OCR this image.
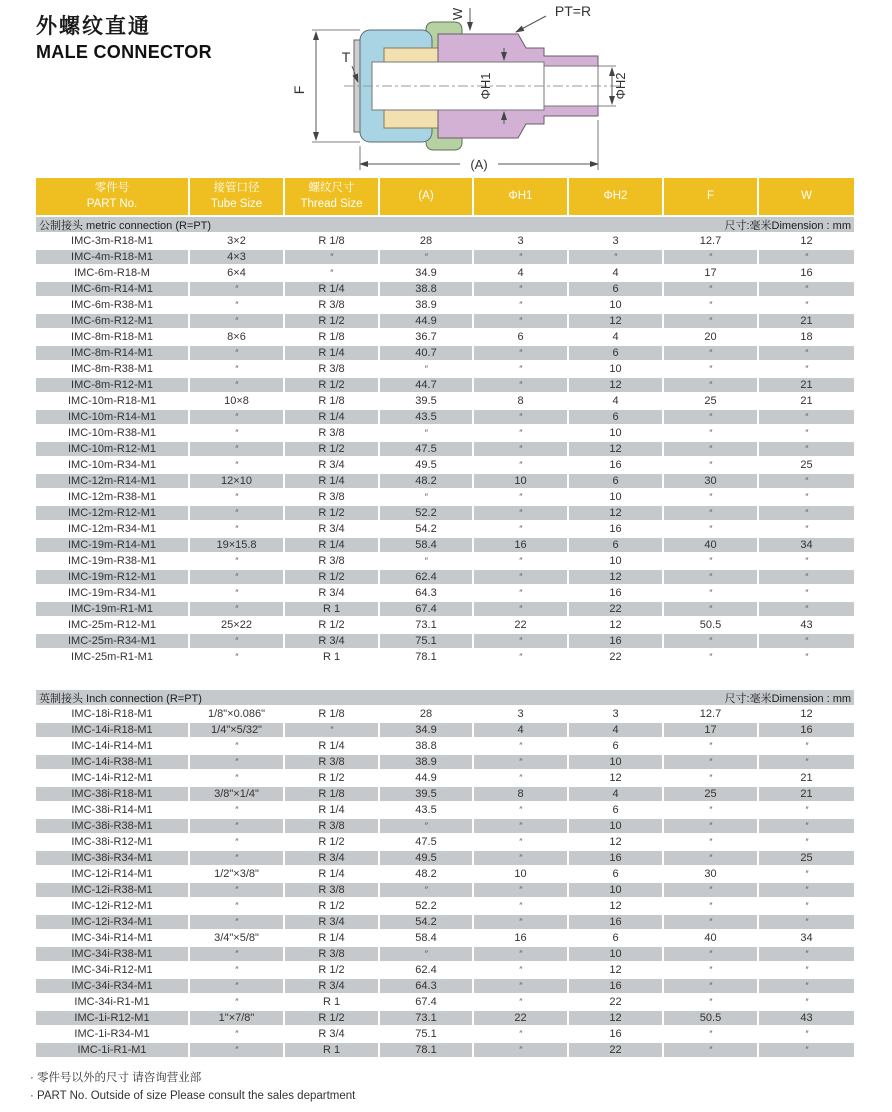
外螺纹直通
MALE CONNECTOR
F
(A)
W	PT=R
T
ΦH1	ΦH2
零件号
PART No.

接管口径
Tube Size

螺纹尺寸
Thread Size

(A)	ΦH1	ΦH2	F	W

公制接头 metric connection (R=PT) 尺寸:毫米Dimension : mm							

IMC-3m-R18-M1	3×2	R 1/8	28	3	3	12.7	12
IMC-4m-R18-M1	4×3	″	″	″	″	″	″
IMC-6m-R18-M	6×4	″	34.9	4	4	17	16
IMC-6m-R14-M1	″	R 1/4	38.8	″	6	″	″
IMC-6m-R38-M1	″	R 3/8	38.9	″	10	″	″
IMC-6m-R12-M1	″	R 1/2	44.9	″	12	″	21
IMC-8m-R18-M1	8×6	R 1/8	36.7	6	4	20	18
IMC-8m-R14-M1	″	R 1/4	40.7	″	6	″	″
IMC-8m-R38-M1	″	R 3/8	″	″	10	″	″
IMC-8m-R12-M1	″	R 1/2	44.7	″	12	″	21
IMC-10m-R18-M1	10×8	R 1/8	39.5	8	4	25	21
IMC-10m-R14-M1	″	R 1/4	43.5	″	6	″	″
IMC-10m-R38-M1	″	R 3/8	″	″	10	″	″
IMC-10m-R12-M1	″	R 1/2	47.5	″	12	″	″
IMC-10m-R34-M1	″	R 3/4	49.5	″	16	″	25
IMC-12m-R14-M1	12×10	R 1/4	48.2	10	6	30	″
IMC-12m-R38-M1	″	R 3/8	″	″	10	″	″
IMC-12m-R12-M1	″	R 1/2	52.2	″	12	″	″
IMC-12m-R34-M1	″	R 3/4	54.2	″	16	″	″
IMC-19m-R14-M1	19×15.8	R 1/4	58.4	16	6	40	34
IMC-19m-R38-M1	″	R 3/8	″	″	10	″	″
IMC-19m-R12-M1	″	R 1/2	62.4	″	12	″	″
IMC-19m-R34-M1	″	R 3/4	64.3	″	16	″	″
IMC-19m-R1-M1	″	R 1	67.4	″	22	″	″
IMC-25m-R12-M1	25×22	R 1/2	73.1	22	12	50.5	43
IMC-25m-R34-M1	″	R 3/4	75.1	″	16	″	″
IMC-25m-R1-M1	″	R 1	78.1	″	22	″	″
英制接头 Inch connection (R=PT) 尺寸:毫米Dimension : mm							

IMC-18i-R18-M1	1/8"×0.086"	R 1/8	28	3	3	12.7	12
IMC-14i-R18-M1	1/4"×5/32"	″	34.9	4	4	17	16
IMC-14i-R14-M1	″	R 1/4	38.8	″	6	″	″
IMC-14i-R38-M1	″	R 3/8	38.9	″	10	″	″
IMC-14i-R12-M1	″	R 1/2	44.9	″	12	″	21
IMC-38i-R18-M1	3/8"×1/4"	R 1/8	39.5	8	4	25	21
IMC-38i-R14-M1	″	R 1/4	43.5	″	6	″	″
IMC-38i-R38-M1	″	R 3/8	″	″	10	″	″
IMC-38i-R12-M1	″	R 1/2	47.5	″	12	″	″
IMC-38i-R34-M1	″	R 3/4	49.5	″	16	″	25
IMC-12i-R14-M1	1/2"×3/8"	R 1/4	48.2	10	6	30	″
IMC-12i-R38-M1	″	R 3/8	″	″	10	″	″
IMC-12i-R12-M1	″	R 1/2	52.2	″	12	″	″
IMC-12i-R34-M1	″	R 3/4	54.2	″	16	″	″
IMC-34i-R14-M1	3/4"×5/8"	R 1/4	58.4	16	6	40	34
IMC-34i-R38-M1	″	R 3/8	″	″	10	″	″
IMC-34i-R12-M1	″	R 1/2	62.4	″	12	″	″
IMC-34i-R34-M1	″	R 3/4	64.3	″	16	″	″
IMC-34i-R1-M1	″	R 1	67.4	″	22	″	″
IMC-1i-R12-M1	1"×7/8"	R 1/2	73.1	22	12	50.5	43
IMC-1i-R34-M1	″	R 3/4	75.1	″	16	″	″
IMC-1i-R1-M1	″	R 1	78.1	″	22	″	″
· 零件号以外的尺寸 请咨询营业部
· PART No. Outside of size Please consult the sales department
